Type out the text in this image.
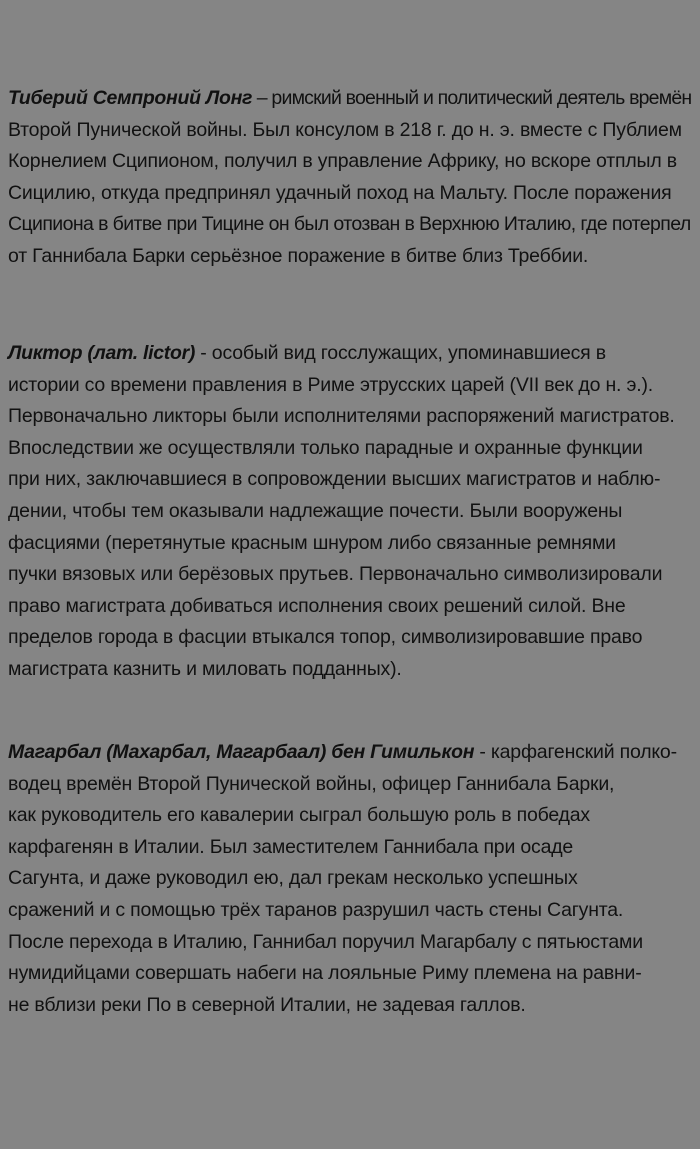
Тиберий Семпроний Лонг – римский военный и политический деятель времён
Второй Пунической войны. Был консулом в 218 г. до н. э. вместе с Публием
Корнелием Сципионом, получил в управление Африку, но вскоре отплыл в
Сицилию, откуда предпринял удачный поход на Мальту. После поражения
Сципиона в битве при Тицине он был отозван в Верхнюю Италию, где потерпел
от Ганнибала Барки серьёзное поражение в битве близ Треббии.
Ликтор (лат. lictor) - особый вид госслужащих, упоминавшиеся в
истории со времени правления в Риме этрусских царей (VII век до н. э.).
Первоначально ликторы были исполнителями распоряжений магистратов.
Впоследствии же осуществляли только парадные и охранные функции
при них, заключавшиеся в сопровождении высших магистратов и наблю-
дении, чтобы тем оказывали надлежащие почести. Были вооружены
фасциями (перетянутые красным шнуром либо связанные ремнями
пучки вязовых или берёзовых прутьев. Первоначально символизировали
право магистрата добиваться исполнения своих решений силой. Вне
пределов города в фасции втыкался топор, символизировавшие право
магистрата казнить и миловать подданных).
Магарбал (Махарбал, Магарбаал) бен Гимилькон - карфагенский полко-
водец времён Второй Пунической войны, офицер Ганнибала Барки,
как руководитель его кавалерии сыграл большую роль в победах
карфагенян в Италии. Был заместителем Ганнибала при осаде
Сагунта, и даже руководил ею, дал грекам несколько успешных
сражений и с помощью трёх таранов разрушил часть стены Сагунта.
После перехода в Италию, Ганнибал поручил Магарбалу с пятьюстами
нумидийцами совершать набеги на лояльные Риму племена на равни-
не вблизи реки По в северной Италии, не задевая галлов.
